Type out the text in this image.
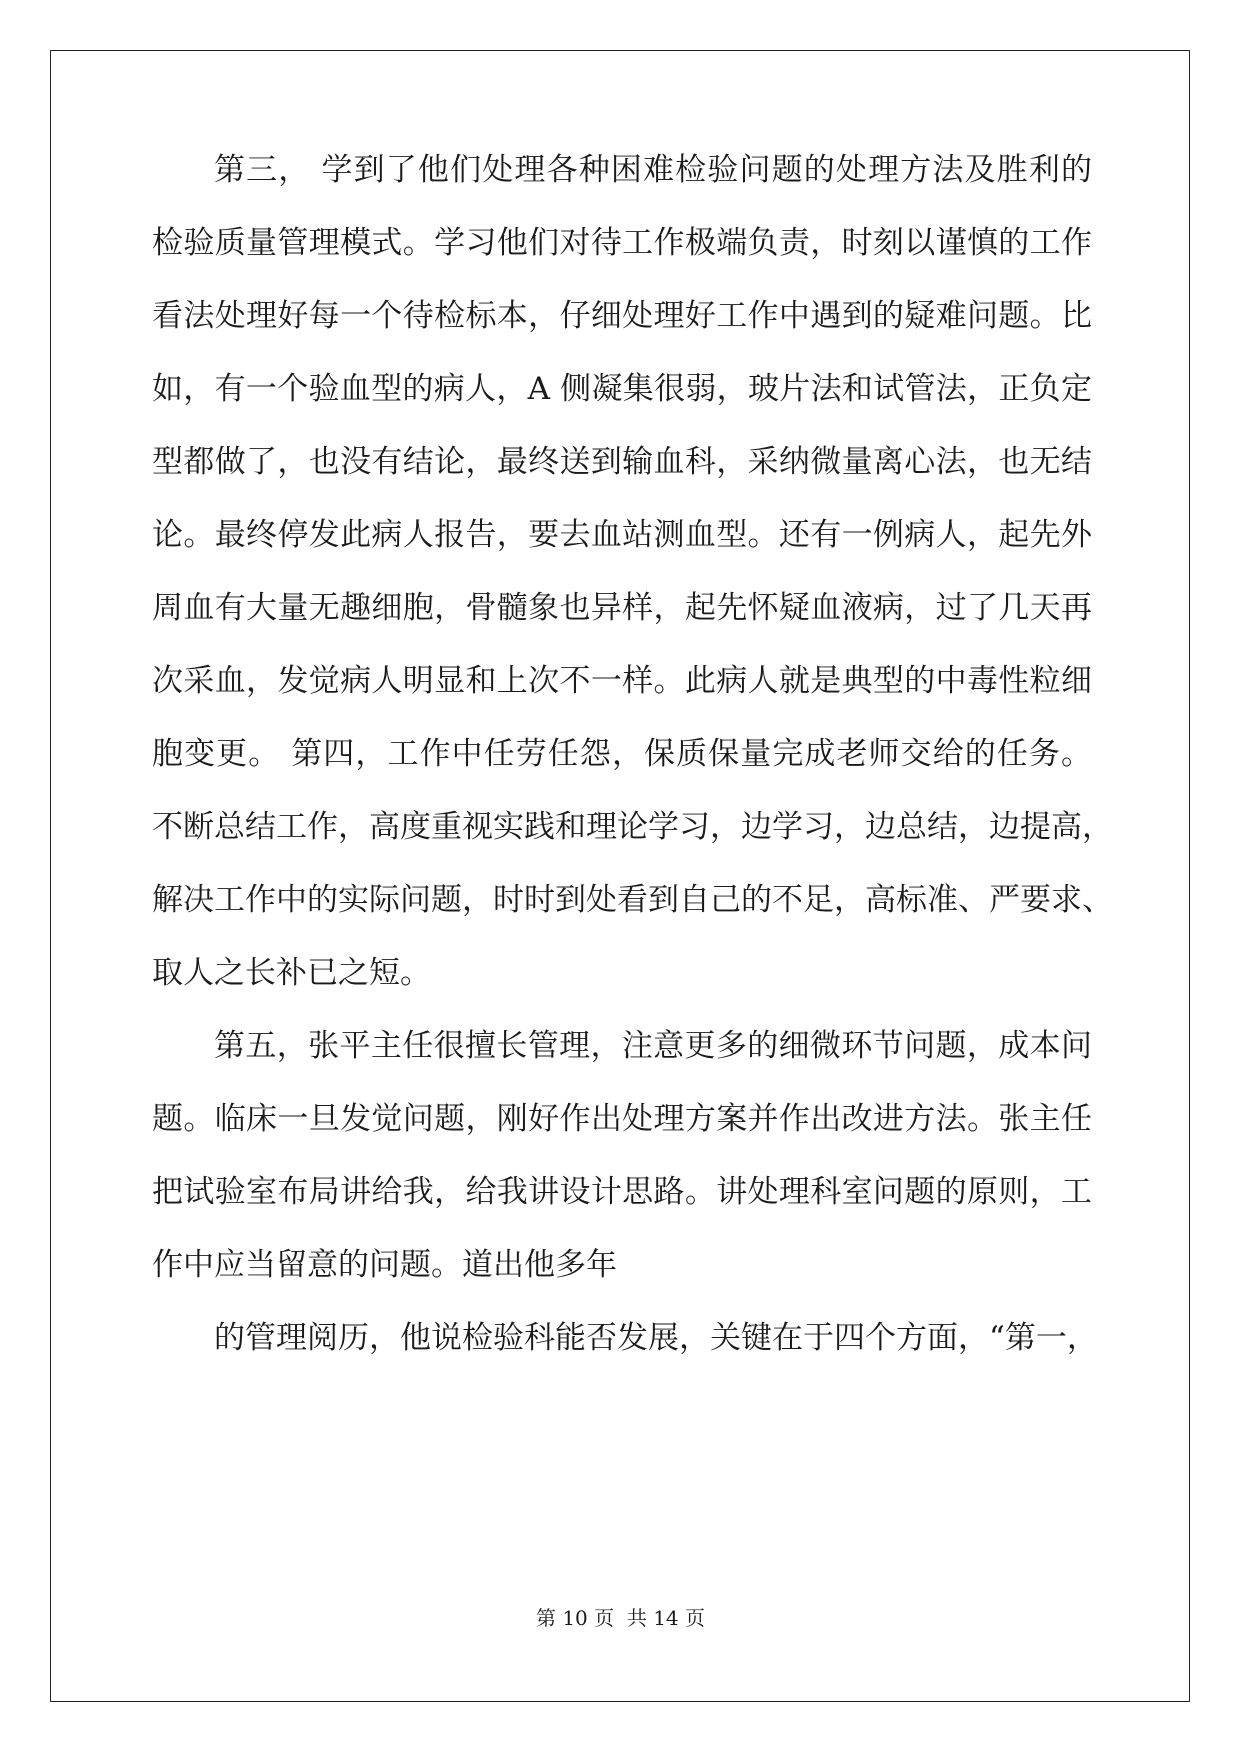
第三， 学到了他们处理各种困难检验问题的处理方法及胜利的
检验质量管理模式。学习他们对待工作极端负责，时刻以谨慎的工作
看法处理好每一个待检标本，仔细处理好工作中遇到的疑难问题。比
如，有一个验血型的病人，A 侧凝集很弱，玻片法和试管法，正负定
型都做了，也没有结论，最终送到输血科，采纳微量离心法，也无结
论。最终停发此病人报告，要去血站测血型。还有一例病人，起先外
周血有大量无趣细胞，骨髓象也异样，起先怀疑血液病，过了几天再
次采血，发觉病人明显和上次不一样。此病人就是典型的中毒性粒细
胞变更。 第四，工作中任劳任怨，保质保量完成老师交给的任务。
不断总结工作，高度重视实践和理论学习，边学习，边总结，边提高，
解决工作中的实际问题，时时到处看到自己的不足，高标准、严要求、
取人之长补已之短。
第五，张平主任很擅长管理，注意更多的细微环节问题，成本问
题。临床一旦发觉问题，刚好作出处理方案并作出改进方法。张主任
把试验室布局讲给我，给我讲设计思路。讲处理科室问题的原则，工
作中应当留意的问题。道出他多年
的管理阅历，他说检验科能否发展，关键在于四个方面，“第一，
第 10 页  共 14 页
